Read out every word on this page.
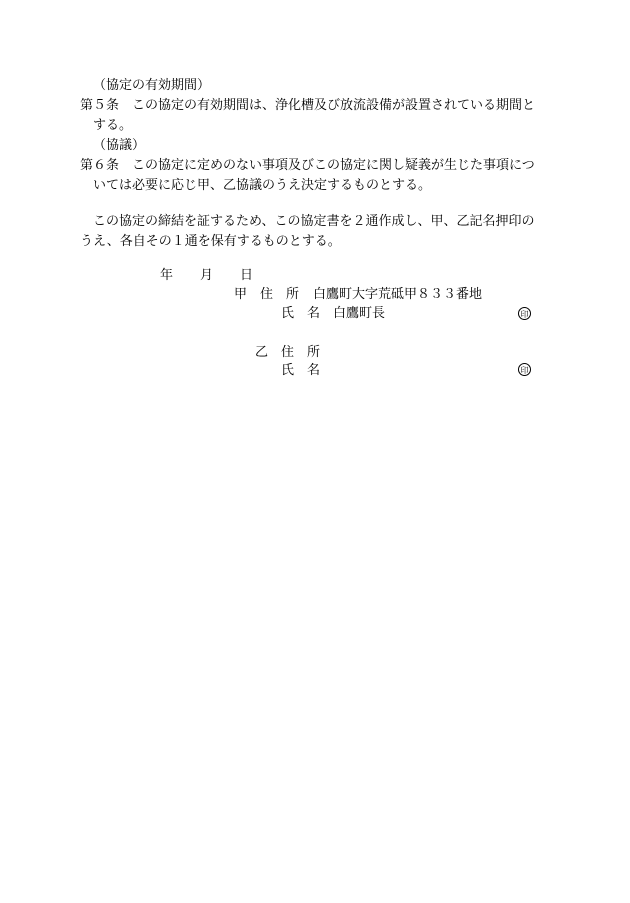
（協定の有効期間）
第５条　この協定の有効期間は、浄化槽及び放流設備が設置されている期間と
する。
（協議）
第６条　この協定に定めのない事項及びこの協定に関し疑義が生じた事項につ
いては必要に応じ甲、乙協議のうえ決定するものとする。
この協定の締結を証するため、この協定書を２通作成し、甲、乙記名押印の
うえ、各自その１通を保有するものとする。
年 月 日
甲 住　所 白鷹町大字荒砥甲８３３番地
氏　名 白鷹町長	印
乙 住　所
氏　名	印
